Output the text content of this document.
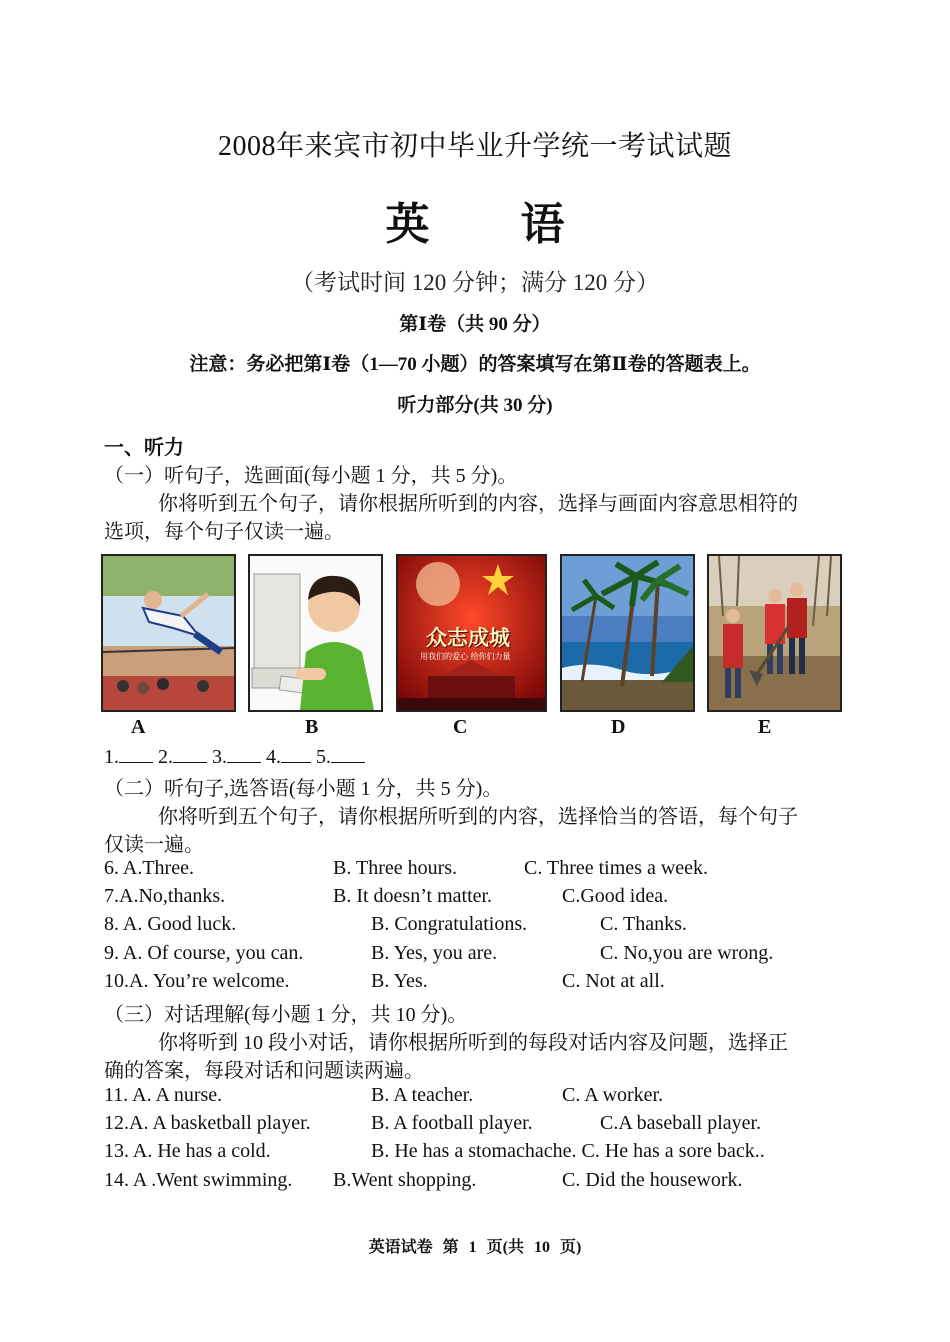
2008年来宾市初中毕业升学统一考试试题
英 语
（考试时间 120 分钟；满分 120 分）
第Ⅰ卷（共 90 分）
注意：务必把第Ⅰ卷（1—70 小题）的答案填写在第Ⅱ卷的答题表上。
听力部分(共 30 分)
一、听力
（一）听句子，选画面(每小题 1 分，共 5 分)。
你将听到五个句子，请你根据所听到的内容，选择与画面内容意思相符的
选项，每个句子仅读一遍。
众志成城
用我们的爱心 给你们力量
A	B	C	D	E
1. 2. 3. 4. 5.
（二）听句子,选答语(每小题 1 分，共 5 分)。
你将听到五个句子，请你根据所听到的内容，选择恰当的答语，每个句子
仅读一遍。
6. A.Three.	B. Three hours.	C. Three times a week.
7.A.No,thanks.	B. It doesn’t matter.	C.Good idea.
8. A. Good luck.	B. Congratulations.	C. Thanks.
9. A. Of course, you can.	B. Yes, you are.	C. No,you are wrong.
10.A. You’re welcome.	B. Yes.	C. Not at all.
（三）对话理解(每小题 1 分，共 10 分)。
你将听到 10 段小对话，请你根据所听到的每段对话内容及问题，选择正
确的答案，每段对话和问题读两遍。
11. A. A nurse.	B. A teacher.	C. A worker.
12.A. A basketball player.	B. A football player.	C.A baseball player.
13. A. He has a cold.	B. He has a stomachache. C. He has a sore back..
14. A .Went swimming. B.Went shopping.	C. Did the housework.
英语试卷 第 1 页(共 10 页)
